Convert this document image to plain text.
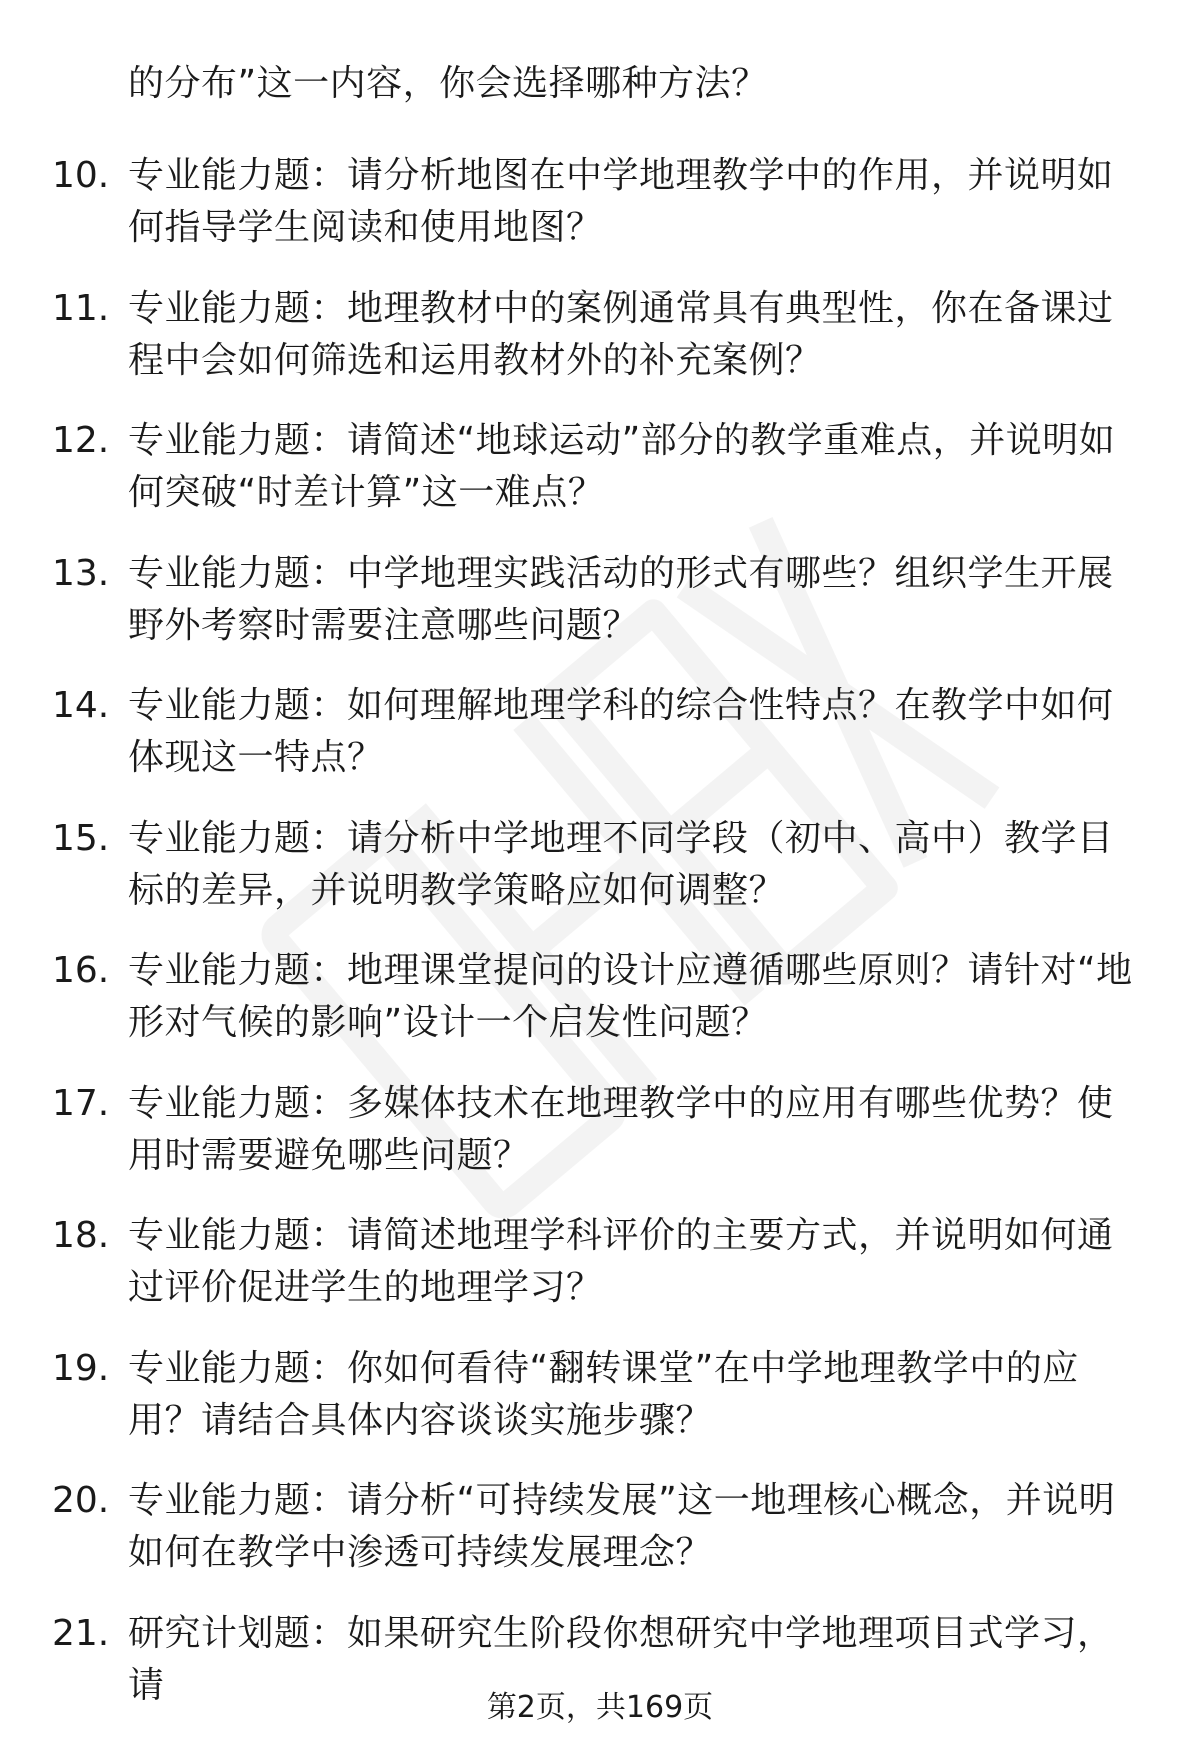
的分布”这一内容，你会选择哪种方法？

10. 专业能力题：请分析地图在中学地理教学中的作用，并说明如何指导学生阅读和使用地图？
11. 专业能力题：地理教材中的案例通常具有典型性，你在备课过程中会如何筛选和运用教材外的补充案例？
12. 专业能力题：请简述“地球运动”部分的教学重难点，并说明如何突破“时差计算”这一难点？
13. 专业能力题：中学地理实践活动的形式有哪些？组织学生开展野外考察时需要注意哪些问题？
14. 专业能力题：如何理解地理学科的综合性特点？在教学中如何体现这一特点？
15. 专业能力题：请分析中学地理不同学段（初中、高中）教学目标的差异，并说明教学策略应如何调整？
16. 专业能力题：地理课堂提问的设计应遵循哪些原则？请针对“地形对气候的影响”设计一个启发性问题？
17. 专业能力题：多媒体技术在地理教学中的应用有哪些优势？使用时需要避免哪些问题？
18. 专业能力题：请简述地理学科评价的主要方式，并说明如何通过评价促进学生的地理学习？
19. 专业能力题：你如何看待“翻转课堂”在中学地理教学中的应用？请结合具体内容谈谈实施步骤？
20. 专业能力题：请分析“可持续发展”这一地理核心概念，并说明如何在教学中渗透可持续发展理念？
21. 研究计划题：如果研究生阶段你想研究中学地理项目式学习，请
第2页，共169页
